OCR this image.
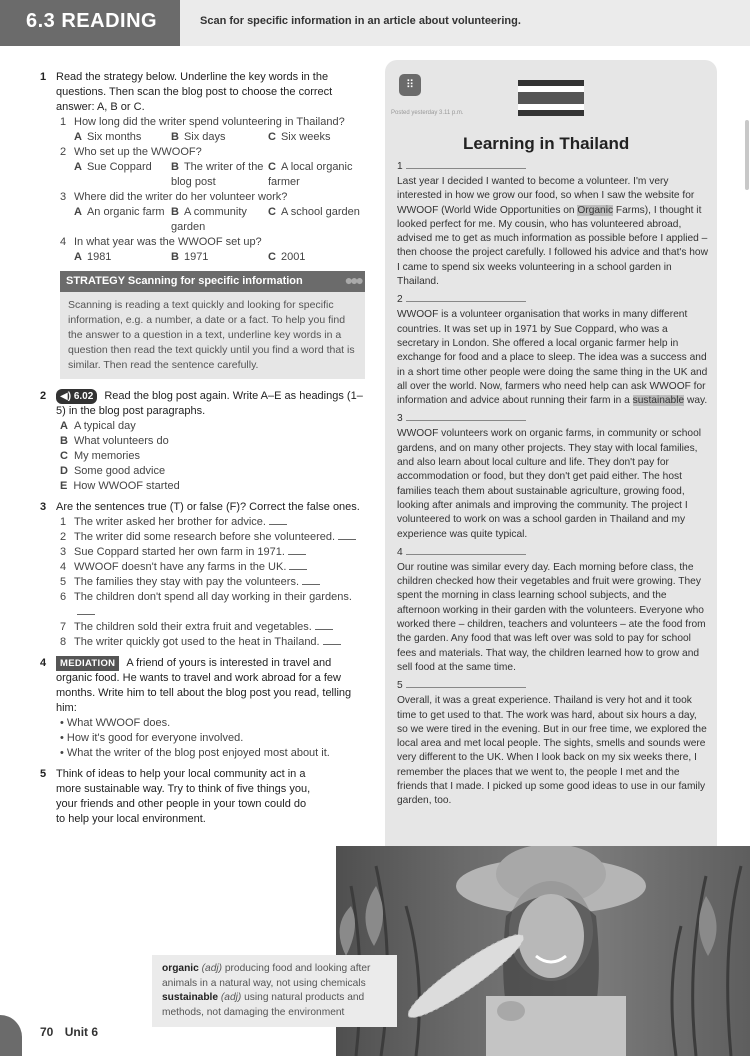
6.3 READING	Scan for specific information in an article about volunteering.
1 Read the strategy below. Underline the key words in the questions. Then scan the blog post to choose the correct answer: A, B or C.
1 How long did the writer spend volunteering in Thailand?
A Six months	B Six days	C Six weeks
2 Who set up the WWOOF?
A Sue Coppard	B The writer of the blog post
C A local organic farmer
3 Where did the writer do her volunteer work?
A An organic farm B A community garden
C A school garden
4 In what year was the WWOOF set up?
A 1981	B 1971	C 2001
STRATEGY Scanning for specific information	●●●
Scanning is reading a text quickly and looking for specific information, e.g. a number, a date or a fact. To help you find the answer to a question in a text, underline key words in a question then read the text quickly until you find a word that is similar. Then read the sentence carefully.
2	◀) 6.02 Read the blog post again. Write A–E as headings (1–5) in the blog post paragraphs.
A A typical day
B What volunteers do
C My memories
D Some good advice
E How WWOOF started
3 Are the sentences true (T) or false (F)? Correct the false ones.
1 The writer asked her brother for advice.
2 The writer did some research before she volunteered.
3 Sue Coppard started her own farm in 1971.
4 WWOOF doesn't have any farms in the UK.
5 The families they stay with pay the volunteers.
6 The children don't spend all day working in their gardens.
7 The children sold their extra fruit and vegetables.
8 The writer quickly got used to the heat in Thailand.
4	MEDIATION A friend of yours is interested in travel and organic food. He wants to travel and work abroad for a few months. Write him to tell about the blog post you read, telling him:
• What WWOOF does.
• How it's good for everyone involved.
• What the writer of the blog post enjoyed most about it.
5 Think of ideas to help your local community act in a more sustainable way. Try to think of five things you, your friends and other people in your town could do to help your local environment.
⠿
Posted yesterday 3.11 p.m.
Learning in Thailand
1
Last year I decided I wanted to become a volunteer. I'm very interested in how we grow our food, so when I saw the website for WWOOF (World Wide Opportunities on Organic Farms), I thought it looked perfect for me. My cousin, who has volunteered abroad, advised me to get as much information as possible before I applied – then choose the project carefully. I followed his advice and that's how I came to spend six weeks volunteering in a school garden in Thailand.
2
WWOOF is a volunteer organisation that works in many different countries. It was set up in 1971 by Sue Coppard, who was a secretary in London. She offered a local organic farmer help in exchange for food and a place to sleep. The idea was a success and in a short time other people were doing the same thing in the UK and all over the world. Now, farmers who need help can ask WWOOF for information and advice about running their farm in a sustainable way.
3
WWOOF volunteers work on organic farms, in community or school gardens, and on many other projects. They stay with local families, and also learn about local culture and life. They don't pay for accommodation or food, but they don't get paid either. The host families teach them about sustainable agriculture, growing food, looking after animals and improving the community. The project I volunteered to work on was a school garden in Thailand and my experience was quite typical.
4
Our routine was similar every day. Each morning before class, the children checked how their vegetables and fruit were growing. They spent the morning in class learning school subjects, and the afternoon working in their garden with the volunteers. Everyone who worked there – children, teachers and volunteers – ate the food from the garden. Any food that was left over was sold to pay for school fees and materials. That way, the children learned how to grow and sell food at the same time.
5
Overall, it was a great experience. Thailand is very hot and it took time to get used to that. The work was hard, about six hours a day, so we were tired in the evening. But in our free time, we explored the local area and met local people. The sights, smells and sounds were very different to the UK. When I look back on my six weeks there, I remember the places that we went to, the people I met and the friends that I made. I picked up some good ideas to use in our family garden, too.
organic (adj) producing food and looking after animals in a natural way, not using chemicals
sustainable (adj) using natural products and methods, not damaging the environment
70 Unit 6
